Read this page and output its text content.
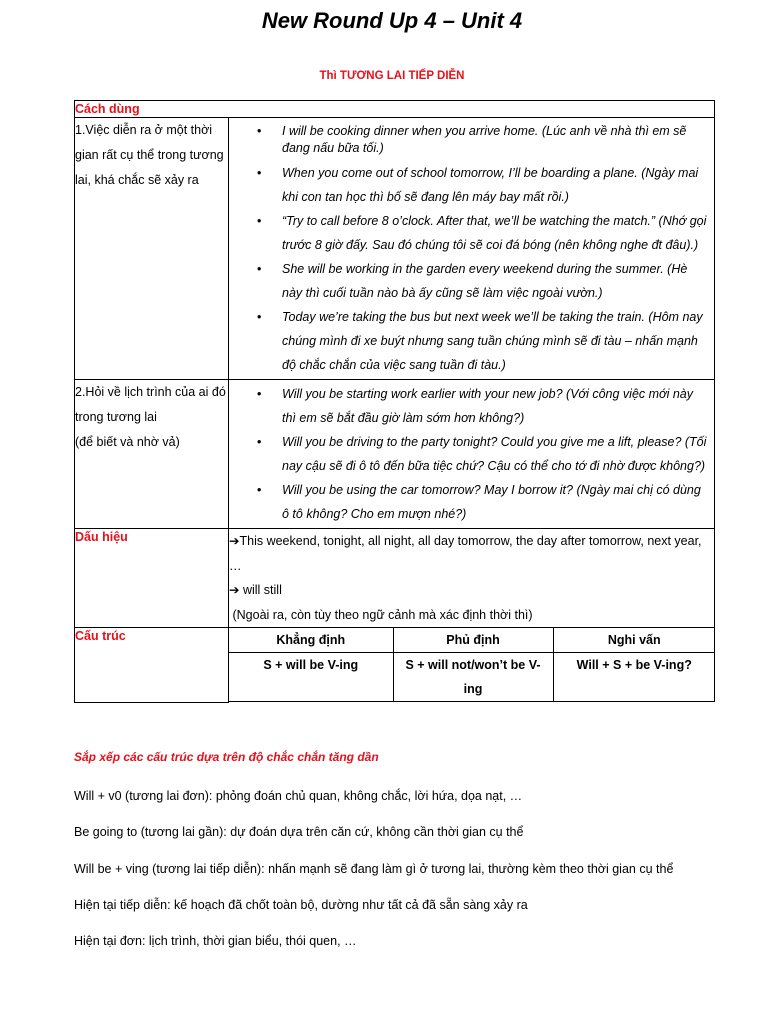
New Round Up 4 – Unit 4
Thì TƯƠNG LAI TIẾP DIỄN
Cách dùng
1.Việc diễn ra ở một thời gian rất cụ thể trong tương lai, khá chắc sẽ xảy ra	
• I will be cooking dinner when you arrive home. (Lúc anh về nhà thì em sẽ đang nấu bữa tối.)
• When you come out of school tomorrow, I’ll be boarding a plane. (Ngày mai khi con tan học thì bố sẽ đang lên máy bay mất rồi.)
• “Try to call before 8 o’clock. After that, we’ll be watching the match.” (Nhớ gọi trước 8 giờ đấy. Sau đó chúng tôi sẽ coi đá bóng (nên không nghe đt đâu).)
• She will be working in the garden every weekend during the summer. (Hè này thì cuối tuần nào bà ấy cũng sẽ làm việc ngoài vườn.)
• Today we’re taking the bus but next week we’ll be taking the train. (Hôm nay chúng mình đi xe buýt nhưng sang tuần chúng mình sẽ đi tàu – nhấn mạnh độ chắc chắn của việc sang tuần đi tàu.)

2.Hỏi về lịch trình của ai đó trong tương lai
(để biết và nhờ vả)	
• Will you be starting work earlier with your new job? (Với công việc mới này thì em sẽ bắt đầu giờ làm sớm hơn không?)
• Will you be driving to the party tonight? Could you give me a lift, please? (Tối nay cậu sẽ đi ô tô đến bữa tiệc chứ? Cậu có thể cho tớ đi nhờ được không?)
• Will you be using the car tomorrow? May I borrow it? (Ngày mai chị có dùng ô tô không? Cho em mượn nhé?)

Dấu hiệu	➔This weekend, tonight, all night, all day tomorrow, the day after tomorrow, next year, …
➔ will still
(Ngoài ra, còn tùy theo ngữ cảnh mà xác định thời thì)

Cấu trúc		Khẳng định	Phủ định	Nghi vấn
S + will be V-ing	S + will not/won’t be V-ing	Will + S + be V-ing?
Sắp xếp các cấu trúc dựa trên độ chắc chắn tăng dần
Will + v0 (tương lai đơn): phỏng đoán chủ quan, không chắc, lời hứa, dọa nạt, …
Be going to (tương lai gần): dự đoán dựa trên căn cứ, không cần thời gian cụ thể
Will be + ving (tương lai tiếp diễn): nhấn mạnh sẽ đang làm gì ở tương lai, thường kèm theo thời gian cụ thể
Hiện tại tiếp diễn: kế hoạch đã chốt toàn bộ, dường như tất cả đã sẵn sàng xảy ra
Hiện tại đơn: lịch trình, thời gian biểu, thói quen, …
